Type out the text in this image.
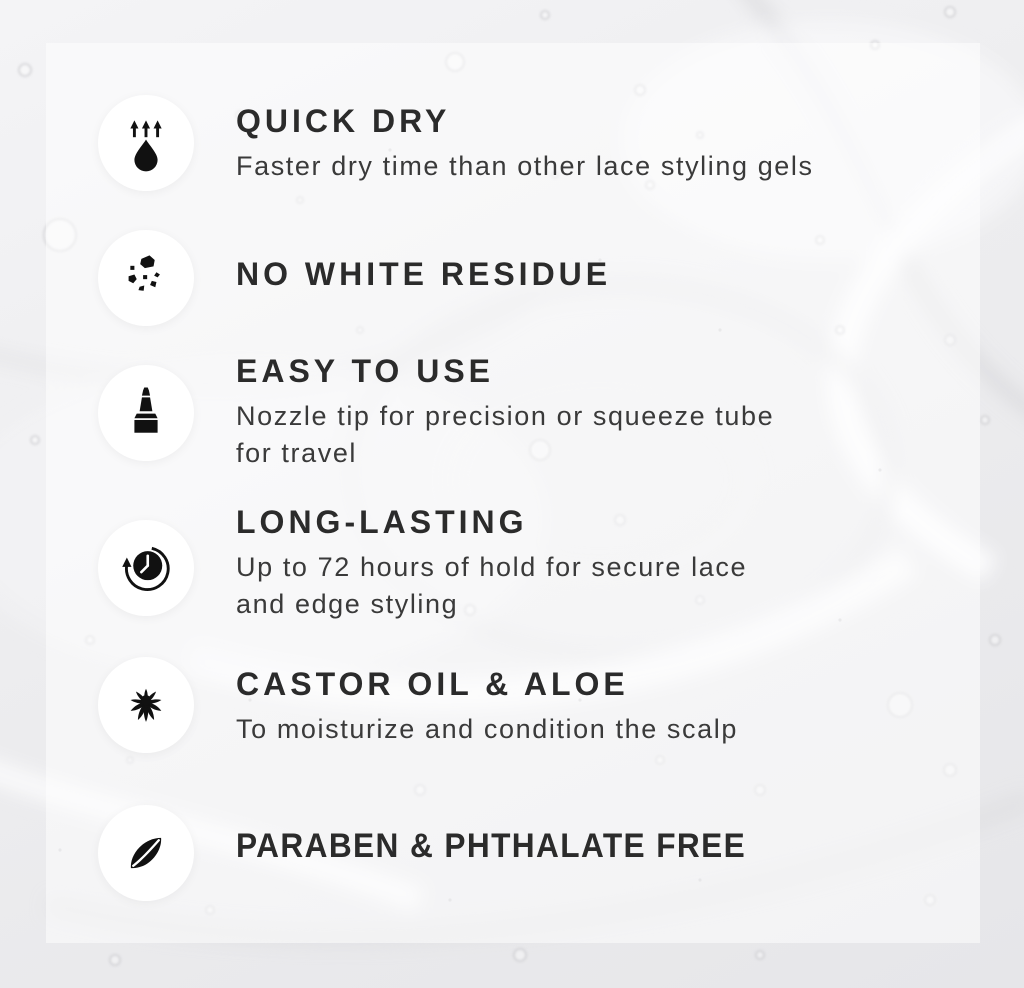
QUICK DRY
Faster dry time than other lace styling gels
NO WHITE RESIDUE
EASY TO USE
Nozzle tip for precision or squeeze tube
for travel
LONG-LASTING
Up to 72 hours of hold for secure lace
and edge styling
CASTOR OIL & ALOE
To moisturize and condition the scalp
PARABEN & PHTHALATE FREE
